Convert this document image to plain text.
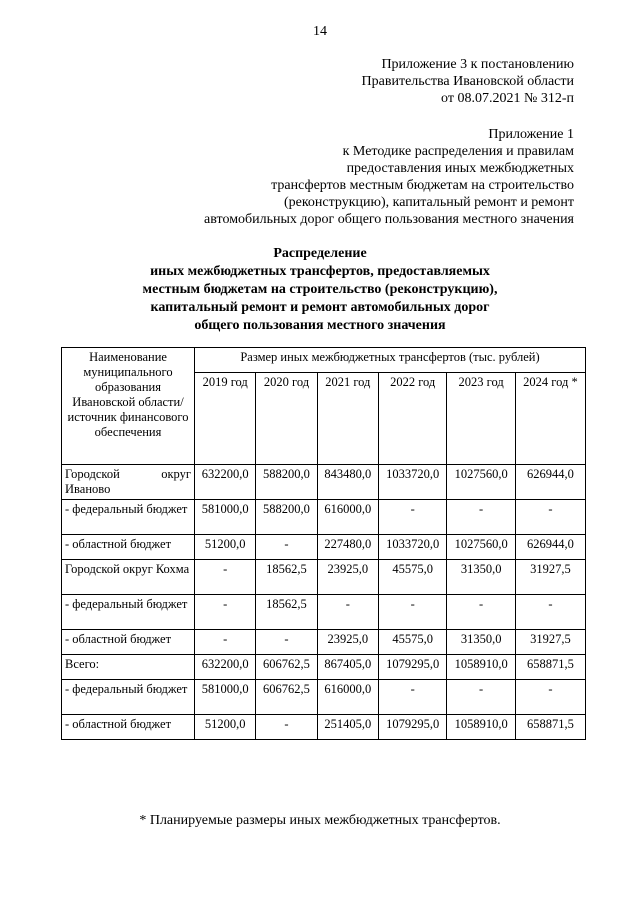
14
Приложение 3 к постановлению
Правительства Ивановской области
от 08.07.2021 № 312-п
Приложение 1
к Методике распределения и правилам
предоставления иных межбюджетных
трансфертов местным бюджетам на строительство
(реконструкцию), капитальный ремонт и ремонт
автомобильных дорог общего пользования местного значения
Распределение
иных межбюджетных трансфертов, предоставляемых
местным бюджетам на строительство (реконструкцию),
капитальный ремонт и ремонт автомобильных дорог
общего пользования местного значения
Наименование муниципального образования Ивановской области/источник финансового обеспечения	Размер иных межбюджетных трансфертов (тыс. рублей)					
	2019 год	2020 год	2021 год	2022 год	2023 год	2024 год *
Городской округ Иваново	632200,0	588200,0	843480,0	1033720,0	1027560,0	626944,0
- федеральный бюджет	581000,0	588200,0	616000,0	-	-	-
- областной бюджет	51200,0	-	227480,0	1033720,0	1027560,0	626944,0
Городской округ Кохма	-	18562,5	23925,0	45575,0	31350,0	31927,5
- федеральный бюджет	-	18562,5	-	-	-	-
- областной бюджет	-	-	23925,0	45575,0	31350,0	31927,5
Всего:	632200,0	606762,5	867405,0	1079295,0	1058910,0	658871,5
- федеральный бюджет	581000,0	606762,5	616000,0	-	-	-
- областной бюджет	51200,0	-	251405,0	1079295,0	1058910,0	658871,5
* Планируемые размеры иных межбюджетных трансфертов.
